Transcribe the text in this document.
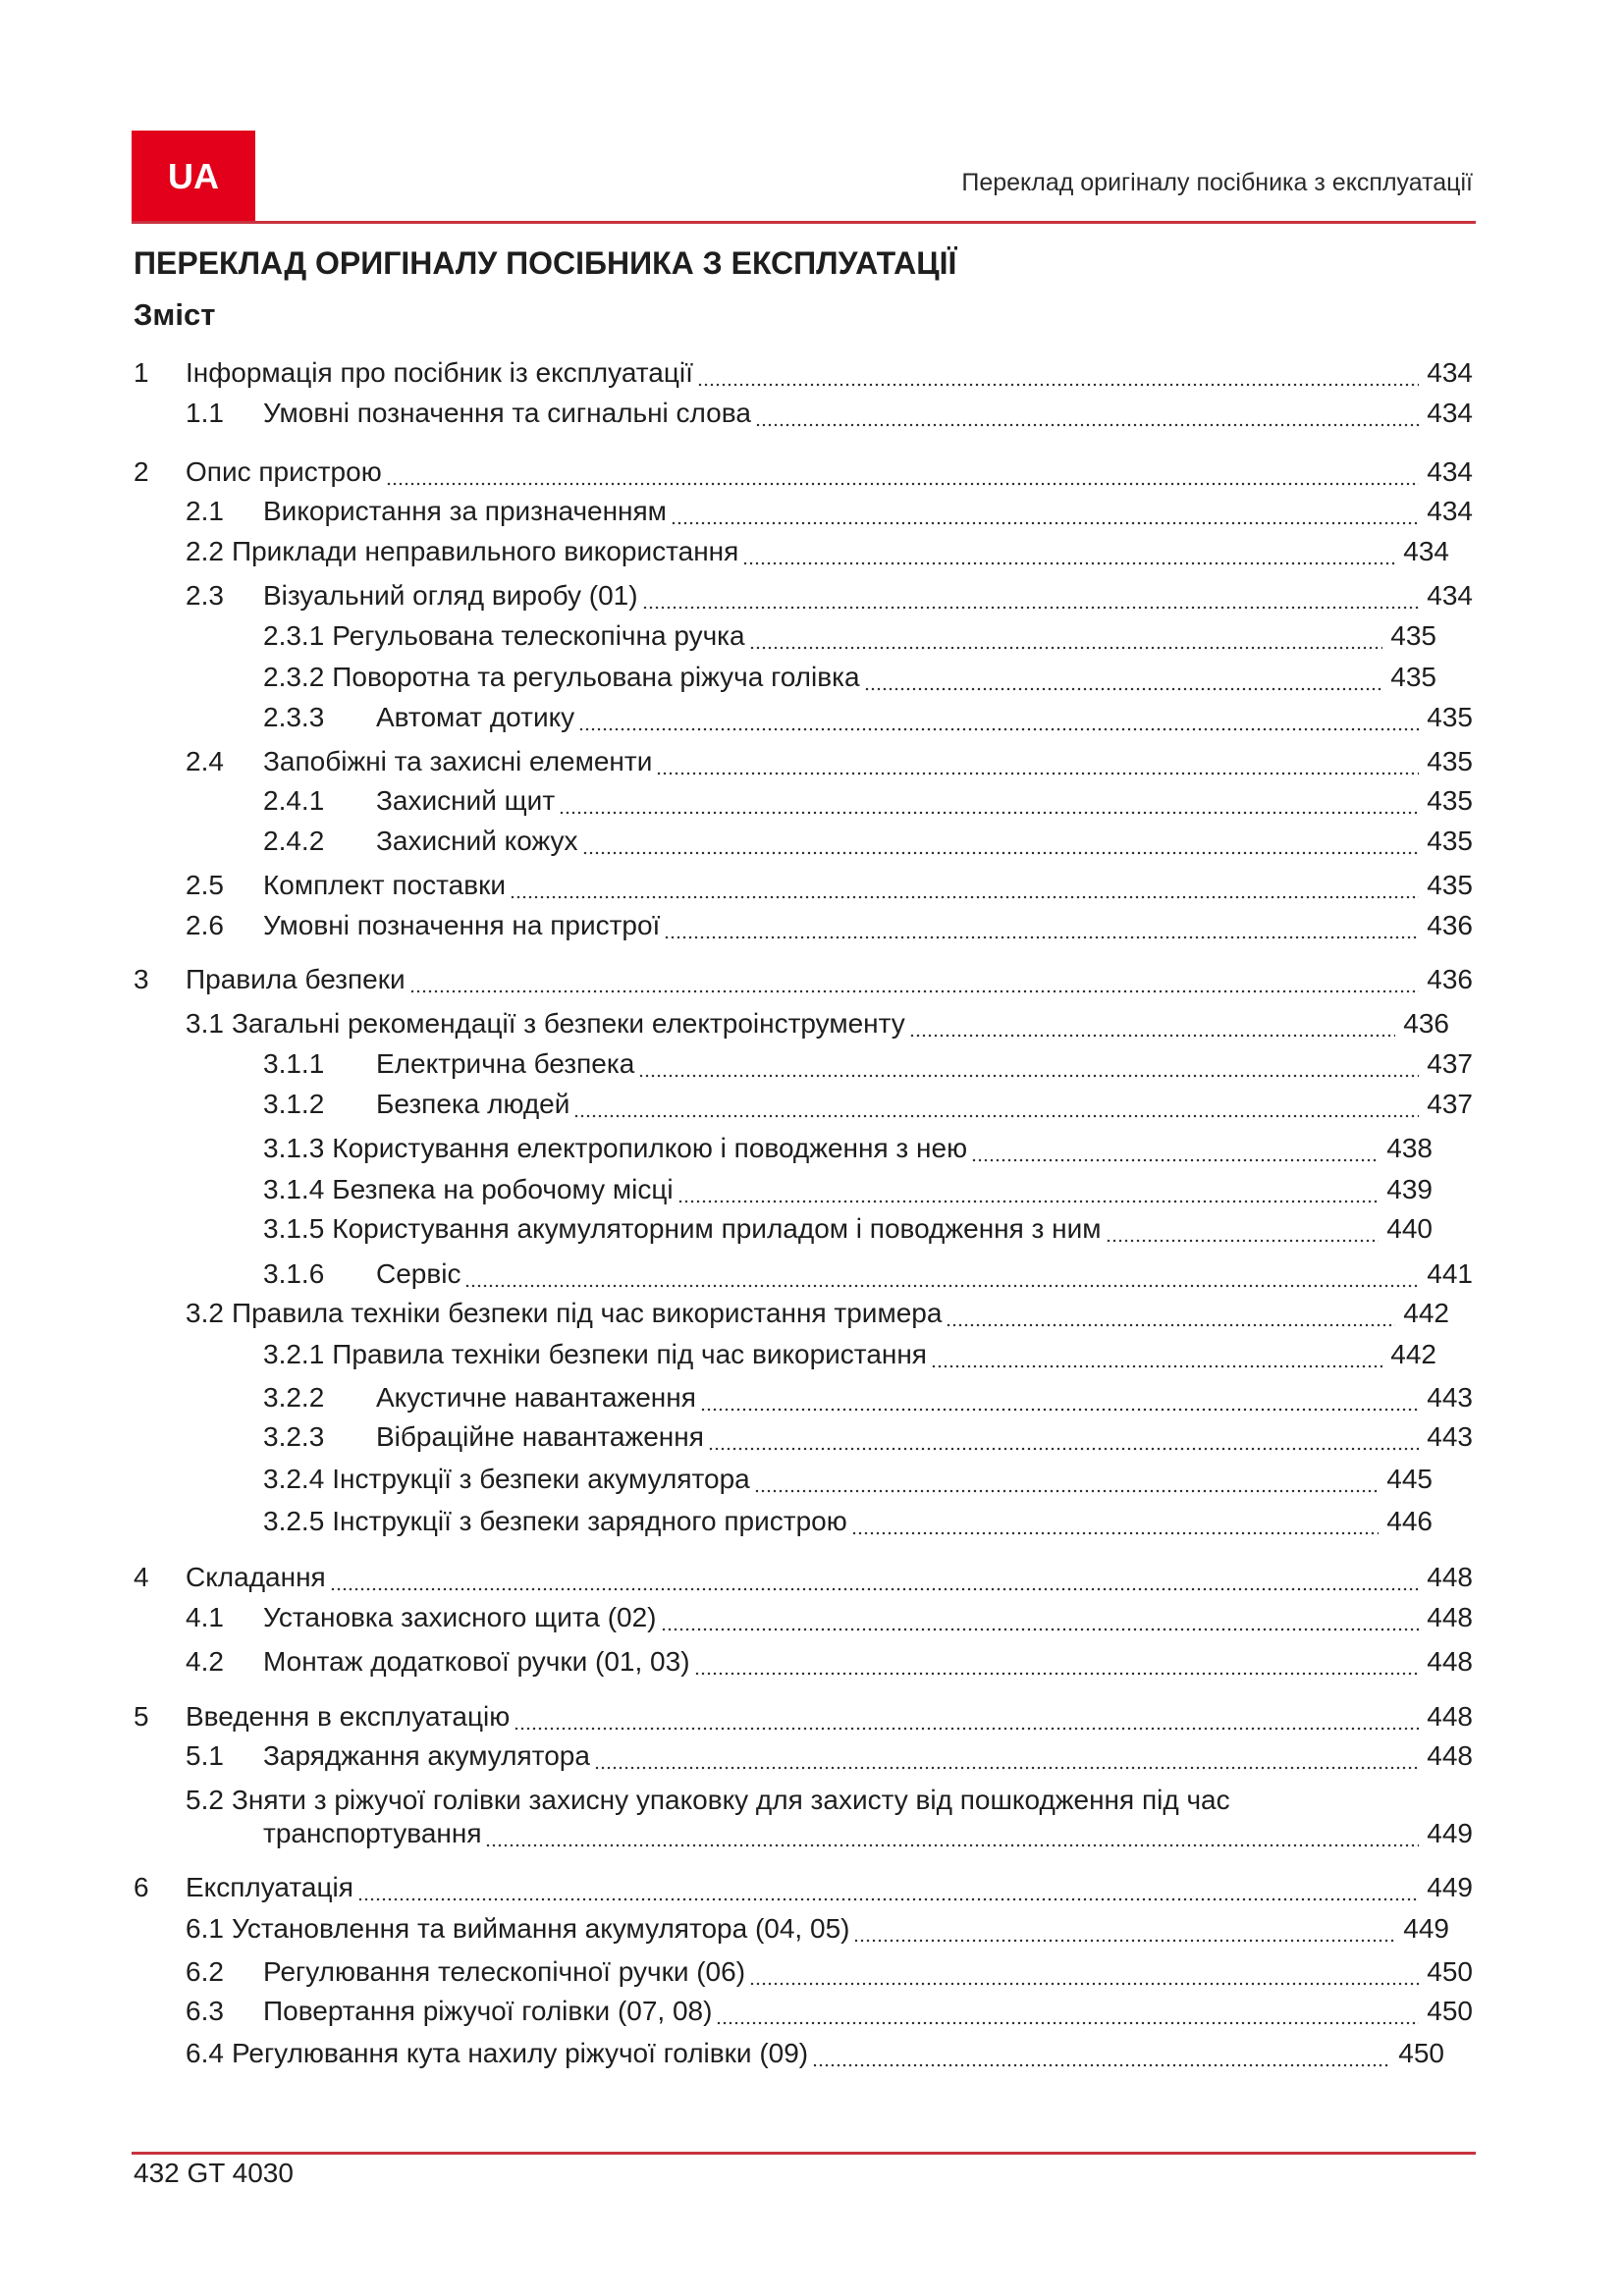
UA	Переклад оригіналу посібника з експлуатації
ПЕРЕКЛАД ОРИГІНАЛУ ПОСІБНИКА З ЕКСПЛУАТАЦІЇ
Зміст
1	Інформація про посібник із експлуатації	434
1.1	Умовні позначення та сигнальні слова	434
2	Опис пристрою	434
2.1	Використання за призначенням	434
2.2 Приклади неправильного використання	434
2.3	Візуальний огляд виробу (01)	434
2.3.1 Регульована телескопічна ручка	435
2.3.2 Поворотна та регульована ріжуча голівка	435
2.3.3	Автомат дотику	435
2.4	Запобіжні та захисні елементи	435
2.4.1	Захисний щит	435
2.4.2	Захисний кожух	435
2.5	Комплект поставки	435
2.6	Умовні позначення на пристрої	436
3	Правила безпеки	436
3.1 Загальні рекомендації з безпеки електроінструменту	436
3.1.1	Електрична безпека	437
3.1.2	Безпека людей	437
3.1.3 Користування електропилкою і поводження з нею	438
3.1.4 Безпека на робочому місці	439
3.1.5 Користування акумуляторним приладом і поводження з ним	440
3.1.6	Сервіс	441
3.2 Правила техніки безпеки під час використання тримера	442
3.2.1 Правила техніки безпеки під час використання	442
3.2.2	Акустичне навантаження	443
3.2.3	Вібраційне навантаження	443
3.2.4 Інструкції з безпеки акумулятора	445
3.2.5 Інструкції з безпеки зарядного пристрою	446
4	Складання	448
4.1	Установка захисного щита (02)	448
4.2	Монтаж додаткової ручки (01, 03)	448
5	Введення в експлуатацію	448
5.1	Заряджання акумулятора	448
5.2 Зняти з ріжучої голівки захисну упаковку для захисту від пошкодження під час
транспортування	449
6	Експлуатація	449
6.1 Установлення та виймання акумулятора (04, 05)	449
6.2	Регулювання телескопічної ручки (06)	450
6.3	Повертання ріжучої голівки (07, 08)	450
6.4 Регулювання кута нахилу ріжучої голівки (09)	450
432 GT 4030
